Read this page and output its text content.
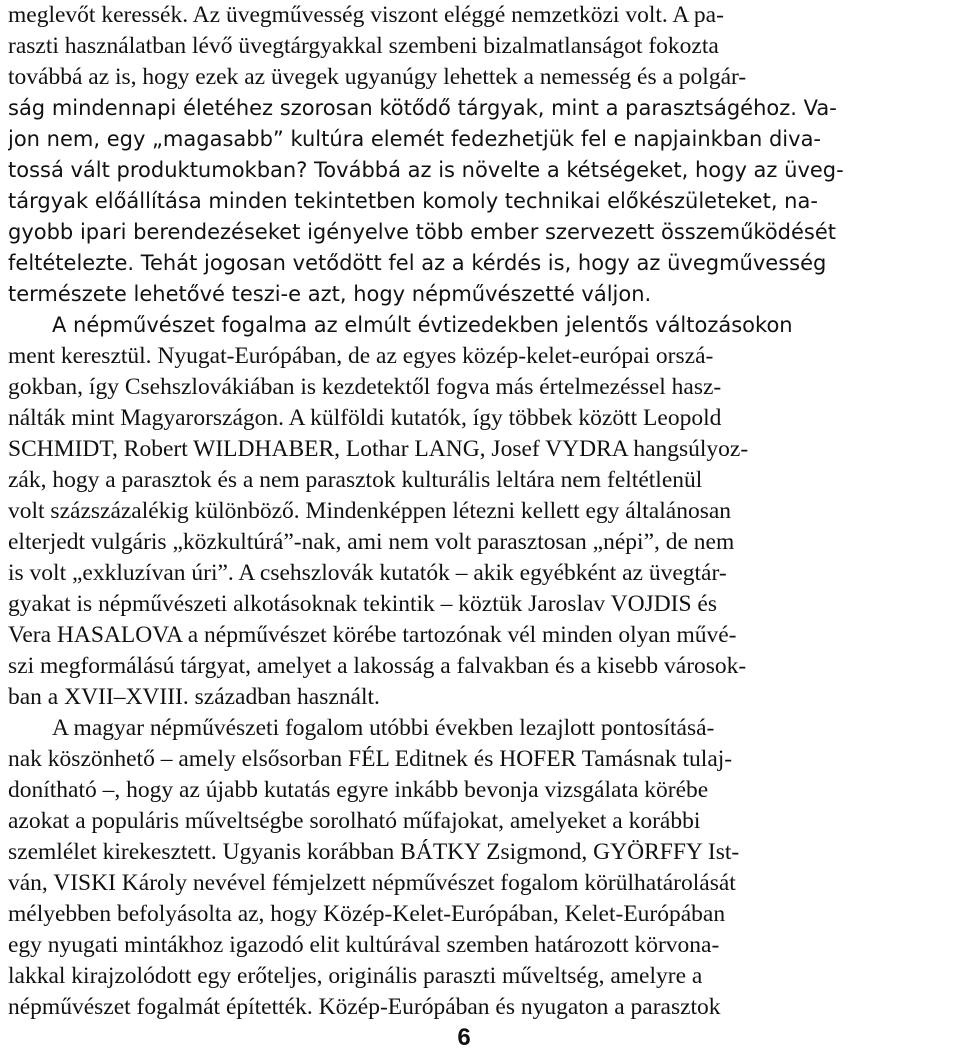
meglevőt keressék. Az üvegművesség viszont eléggé nemzetközi volt. A pa-
raszti használatban lévő üvegtárgyakkal szembeni bizalmatlanságot fokozta
továbbá az is, hogy ezek az üvegek ugyanúgy lehettek a nemesség és a polgár-
ság mindennapi életéhez szorosan kötődő tárgyak, mint a parasztságéhoz. Va-
jon nem, egy „magasabb” kultúra elemét fedezhetjük fel e napjainkban diva-
tossá vált produktumokban? Továbbá az is növelte a kétségeket, hogy az üveg-
tárgyak előállítása minden tekintetben komoly technikai előkészületeket, na-
gyobb ipari berendezéseket igényelve több ember szervezett összeműködését
feltételezte. Tehát jogosan vetődött fel az a kérdés is, hogy az üvegművesség
természete lehetővé teszi-e azt, hogy népművészetté váljon.
A népművészet fogalma az elmúlt évtizedekben jelentős változásokon
ment keresztül. Nyugat-Európában, de az egyes közép-kelet-európai orszá-
gokban, így Csehszlovákiában is kezdetektől fogva más értelmezéssel hasz-
nálták mint Magyarországon. A külföldi kutatók, így többek között Leopold
SCHMIDT, Robert WILDHABER, Lothar LANG, Josef VYDRA hangsúlyoz-
zák, hogy a parasztok és a nem parasztok kulturális leltára nem feltétlenül
volt százszázalékig különböző. Mindenképpen létezni kellett egy általánosan
elterjedt vulgáris „közkultúrá”-nak, ami nem volt parasztosan „népi”, de nem
is volt „exkluzívan úri”. A csehszlovák kutatók – akik egyébként az üvegtár-
gyakat is népművészeti alkotásoknak tekintik – köztük Jaroslav VOJDIS és
Vera HASALOVA a népművészet körébe tartozónak vél minden olyan művé-
szi megformálású tárgyat, amelyet a lakosság a falvakban és a kisebb városok-
ban a XVII–XVIII. században használt.
A magyar népművészeti fogalom utóbbi években lezajlott pontosításá-
nak köszönhető – amely elsősorban FÉL Editnek és HOFER Tamásnak tulaj-
donítható –, hogy az újabb kutatás egyre inkább bevonja vizsgálata körébe
azokat a populáris műveltségbe sorolható műfajokat, amelyeket a korábbi
szemlélet kirekesztett. Ugyanis korábban BÁTKY Zsigmond, GYÖRFFY Ist-
ván, VISKI Károly nevével fémjelzett népművészet fogalom körülhatárolását
mélyebben befolyásolta az, hogy Közép-Kelet-Európában, Kelet-Európában
egy nyugati mintákhoz igazodó elit kultúrával szemben határozott körvona-
lakkal kirajzolódott egy erőteljes, originális paraszti műveltség, amelyre a
népművészet fogalmát építették. Közép-Európában és nyugaton a parasztok
6
